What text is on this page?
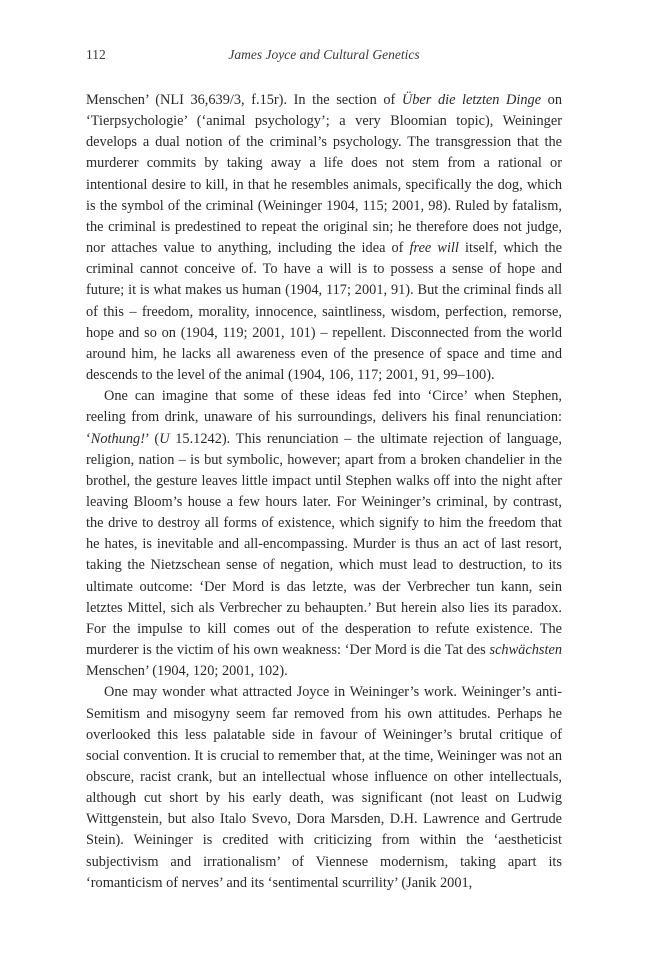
112	James Joyce and Cultural Genetics

Menschen’ (NLI 36,639/3, f.15r). In the section of Über die letzten Dinge on ‘Tierpsychologie’ (‘animal psychology’; a very Bloomian topic), Weininger develops a dual notion of the criminal’s psychology. The transgression that the murderer commits by taking away a life does not stem from a rational or intentional desire to kill, in that he resembles animals, specifically the dog, which is the symbol of the criminal (Weininger 1904, 115; 2001, 98). Ruled by fatalism, the criminal is predestined to repeat the original sin; he therefore does not judge, nor attaches value to anything, including the idea of free will itself, which the criminal cannot conceive of. To have a will is to possess a sense of hope and future; it is what makes us human (1904, 117; 2001, 91). But the criminal finds all of this – freedom, morality, innocence, saintliness, wisdom, perfection, remorse, hope and so on (1904, 119; 2001, 101) – repellent. Disconnected from the world around him, he lacks all awareness even of the presence of space and time and descends to the level of the animal (1904, 106, 117; 2001, 91, 99–100).

One can imagine that some of these ideas fed into ‘Circe’ when Stephen, reeling from drink, unaware of his surroundings, delivers his final renunciation: ‘Nothung!’ (U 15.1242). This renunciation – the ultimate rejection of language, religion, nation – is but symbolic, however; apart from a broken chandelier in the brothel, the gesture leaves little impact until Stephen walks off into the night after leaving Bloom’s house a few hours later. For Weininger’s criminal, by contrast, the drive to destroy all forms of existence, which signify to him the freedom that he hates, is inevitable and all-encompassing. Murder is thus an act of last resort, taking the Nietzschean sense of negation, which must lead to destruction, to its ultimate outcome: ‘Der Mord is das letzte, was der Verbrecher tun kann, sein letztes Mittel, sich als Verbrecher zu behaupten.’ But herein also lies its paradox. For the impulse to kill comes out of the desperation to refute existence. The murderer is the victim of his own weakness: ‘Der Mord is die Tat des schwächsten Menschen’ (1904, 120; 2001, 102).

One may wonder what attracted Joyce in Weininger’s work. Weininger’s anti-Semitism and misogyny seem far removed from his own attitudes. Perhaps he overlooked this less palatable side in favour of Weininger’s brutal critique of social convention. It is crucial to remember that, at the time, Weininger was not an obscure, racist crank, but an intellectual whose influence on other intellectuals, although cut short by his early death, was significant (not least on Ludwig Wittgenstein, but also Italo Svevo, Dora Marsden, D.H. Lawrence and Gertrude Stein). Weininger is credited with criticizing from within the ‘aestheticist subjectivism and irrationalism’ of Viennese modernism, taking apart its ‘romanticism of nerves’ and its ‘sentimental scurrility’ (Janik 2001,
